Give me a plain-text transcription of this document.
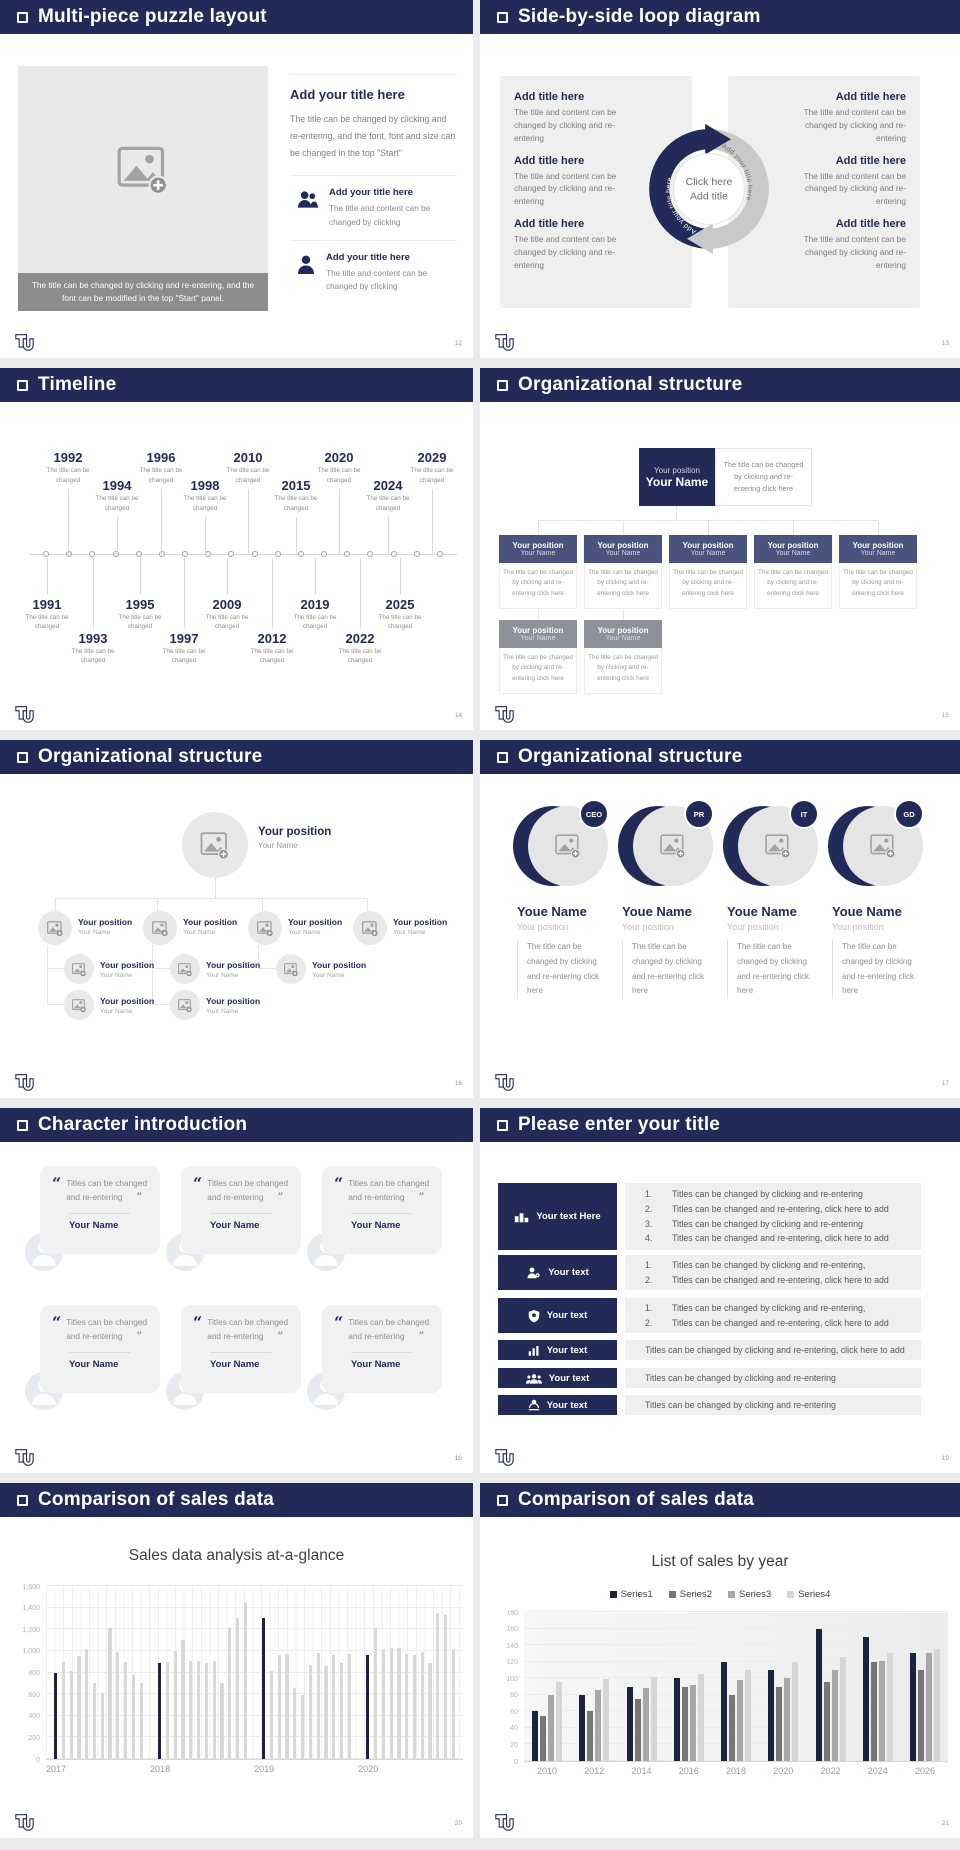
Multi-piece puzzle layout
The title can be changed by clicking and re-entering, and the font can be modified in the top "Start" panel.
Add your title here
The title can be changed by clicking and re-entering, and the font, font and size can be changed in the top "Start"
Add your title here
The title and content can be changed by clicking
Add your title here
The title and content can be changed by clicking
12
Side-by-side loop diagram
Add title here
The title and content can be changed by clicking and re-entering
Add title here
The title and content can be changed by clicking and re-entering
Add title here
The title and content can be changed by clicking and re-entering
Add title here
The title and content can be changed by clicking and re-entering
Add title here
The title and content can be changed by clicking and re-entering
Add title here
The title and content can be changed by clicking and re-entering
Click here
Add title
Add your title here
Add your title here
13
Timeline
1992
The title can be changed	1994
The title can be changed
1996
The title can be changed	1998
The title can be changed
2010
The title can be changed	2015
The title can be changed
2020
The title can be changed	2024
The title can be changed
2029
The title can be changed
1991
The title can be changed
1993
The title can be changed
1995
The title can be changed
1997
The title can be changed
2009
The title can be changed
2012
The title can be changed
2019
The title can be changed
2022
The title can be changed
2025
The title can be changed
14
Organizational structure
Your position
Your Name
The title can be changed by clicking and re-entering click here
Your position
Your Name
The title can be changed by clicking and re-entering click here
Your position
Your Name
The title can be changed by clicking and re-entering click here
Your position
Your Name
The title can be changed by clicking and re-entering click here
Your position
Your Name
The title can be changed by clicking and re-entering click here
Your position
Your Name
The title can be changed by clicking and re-entering click here
Your position
Your Name
The title can be changed by clicking and re-entering click here
Your position
Your Name
The title can be changed by clicking and re-entering click here
15
Organizational structure
Your position
Your Name
Your position
Your Name
Your position
Your Name
Your position
Your Name
Your position
Your Name
Your position
Your Name
Your position
Your Name
Your position
Your Name
Your position
Your Name
Your position
Your Name
16
Organizational structure
CEO
Youe Name
Your position
The title can be changed by clicking and re-entering click here
PR
Youe Name
Your position
The title can be changed by clicking and re-entering click here
IT
Youe Name
Your position
The title can be changed by clicking and re-entering click here
GD
Youe Name
Your position
The title can be changed by clicking and re-entering click here
17
Character introduction
“ Titles can be changed and re-entering ”
Your Name
“ Titles can be changed and re-entering ”
Your Name
“ Titles can be changed and re-entering ”
Your Name
“ Titles can be changed and re-entering ”
Your Name
“ Titles can be changed and re-entering ”
Your Name
“ Titles can be changed and re-entering ”
Your Name
18
Please enter your title
Your text Here
1.	Titles can be changed by clicking and re-entering
2.	Titles can be changed and re-entering, click here to add
3.	Titles can be changed by clicking and re-entering
4.	Titles can be changed and re-entering, click here to add
Your text
1.	Titles can be changed by clicking and re-entering,
2.	Titles can be changed and re-entering, click here to add
Your text
1.	Titles can be changed by clicking and re-entering,
2.	Titles can be changed and re-entering, click here to add
Your text	Titles can be changed by clicking and re-entering, click here to add
Your text	Titles can be changed by clicking and re-entering
Your text	Titles can be changed by clicking and re-entering
19
Comparison of sales data
Sales data analysis at-a-glance
0
200
400
600
800
1,000
1,200
1,400
1,600
2017	2018	2019	2020
20
Comparison of sales data
List of sales by year
Series1	Series2	Series3	Series4
0
20
40
60
80
100
120
140
160
180
2010	2012	2014	2016	2018	2020	2022	2024	2026
21
